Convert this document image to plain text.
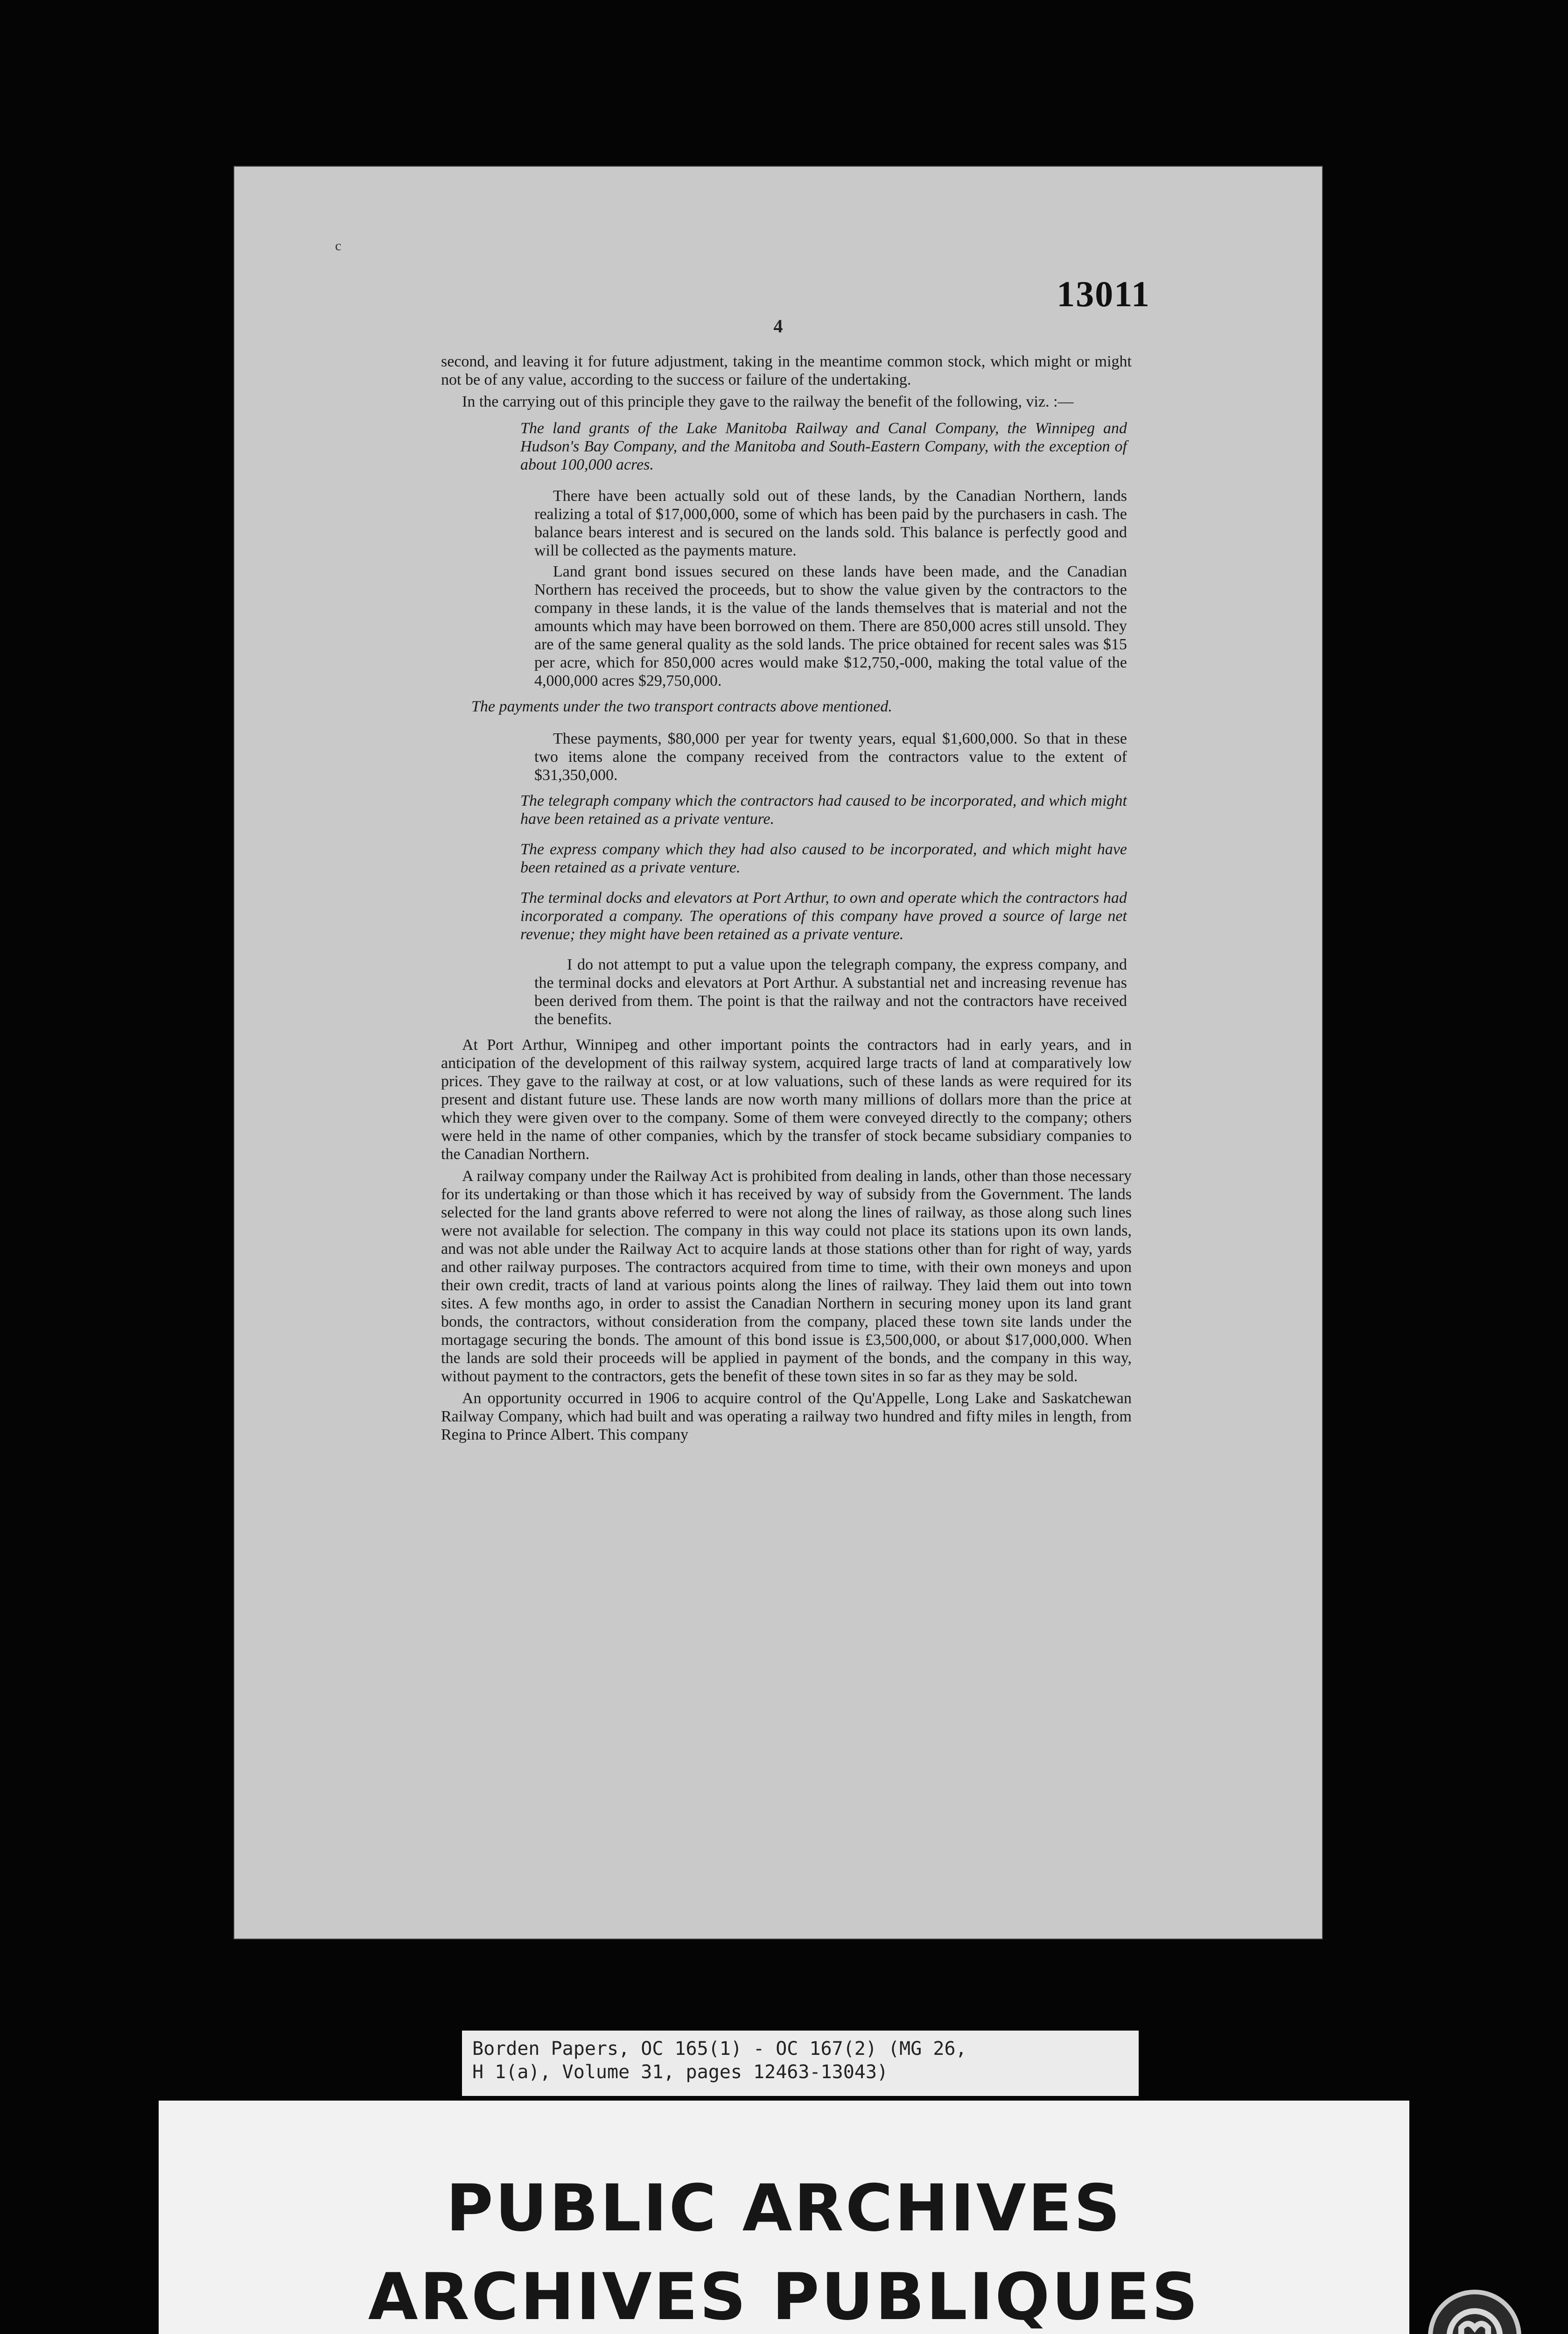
c
13011
4

second, and leaving it for future adjustment, taking in the meantime common stock, which might or might not be of any value, according to the success or failure of the undertaking.

In the carrying out of this principle they gave to the railway the benefit of the following, viz. :—

The land grants of the Lake Manitoba Railway and Canal Company, the Winnipeg and Hudson's Bay Company, and the Manitoba and South-Eastern Company, with the exception of about 100,000 acres.

There have been actually sold out of these lands, by the Canadian Northern, lands realizing a total of $17,000,000, some of which has been paid by the purchasers in cash. The balance bears interest and is secured on the lands sold. This balance is perfectly good and will be collected as the payments mature.

Land grant bond issues secured on these lands have been made, and the Canadian Northern has received the proceeds, but to show the value given by the contractors to the company in these lands, it is the value of the lands themselves that is material and not the amounts which may have been borrowed on them. There are 850,000 acres still unsold. They are of the same general quality as the sold lands. The price obtained for recent sales was $15 per acre, which for 850,000 acres would make $12,750,-000, making the total value of the 4,000,000 acres $29,750,000.

The payments under the two transport contracts above mentioned.

These payments, $80,000 per year for twenty years, equal $1,600,000. So that in these two items alone the company received from the contractors value to the extent of $31,350,000.

The telegraph company which the contractors had caused to be incorporated, and which might have been retained as a private venture.

The express company which they had also caused to be incorporated, and which might have been retained as a private venture.

The terminal docks and elevators at Port Arthur, to own and operate which the contractors had incorporated a company. The operations of this company have proved a source of large net revenue; they might have been retained as a private venture.

I do not attempt to put a value upon the telegraph company, the express company, and the terminal docks and elevators at Port Arthur. A substantial net and increasing revenue has been derived from them. The point is that the railway and not the contractors have received the benefits.

At Port Arthur, Winnipeg and other important points the contractors had in early years, and in anticipation of the development of this railway system, acquired large tracts of land at comparatively low prices. They gave to the railway at cost, or at low valuations, such of these lands as were required for its present and distant future use. These lands are now worth many millions of dollars more than the price at which they were given over to the company. Some of them were conveyed directly to the company; others were held in the name of other companies, which by the transfer of stock became subsidiary companies to the Canadian Northern.

A railway company under the Railway Act is prohibited from dealing in lands, other than those necessary for its undertaking or than those which it has received by way of subsidy from the Government. The lands selected for the land grants above referred to were not along the lines of railway, as those along such lines were not available for selection. The company in this way could not place its stations upon its own lands, and was not able under the Railway Act to acquire lands at those stations other than for right of way, yards and other railway purposes. The contractors acquired from time to time, with their own moneys and upon their own credit, tracts of land at various points along the lines of railway. They laid them out into town sites. A few months ago, in order to assist the Canadian Northern in securing money upon its land grant bonds, the contractors, without consideration from the company, placed these town site lands under the mortagage securing the bonds. The amount of this bond issue is £3,500,000, or about $17,000,000. When the lands are sold their proceeds will be applied in payment of the bonds, and the company in this way, without payment to the contractors, gets the benefit of these town sites in so far as they may be sold.

An opportunity occurred in 1906 to acquire control of the Qu'Appelle, Long Lake and Saskatchewan Railway Company, which had built and was operating a railway two hundred and fifty miles in length, from Regina to Prince Albert. This company

Borden Papers, OC 165(1) - OC 167(2) (MG 26,
H 1(a), Volume 31, pages 12463-13043)
PUBLIC ARCHIVES
ARCHIVES PUBLIQUES
